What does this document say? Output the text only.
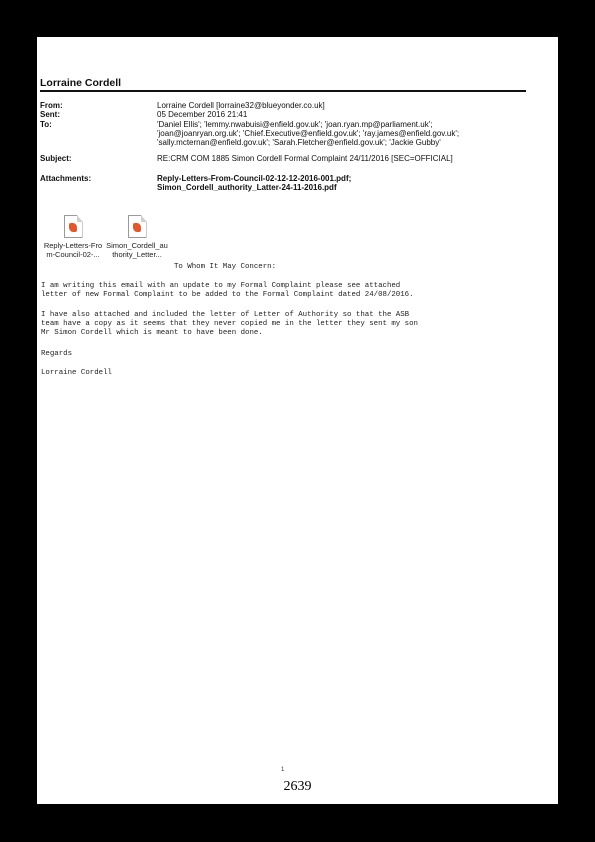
Lorraine Cordell
From:	Lorraine Cordell [lorraine32@blueyonder.co.uk]
Sent:	05 December 2016 21:41
To:	'Daniel Ellis'; 'lemmy.nwabuisi@enfield.gov.uk'; 'joan.ryan.mp@parliament.uk';
'joan@joanryan.org.uk'; 'Chief.Executive@enfield.gov.uk'; 'ray.james@enfield.gov.uk';
'sally.mcternan@enfield.gov.uk'; 'Sarah.Fletcher@enfield.gov.uk'; 'Jackie Gubby'
Subject:	RE:CRM COM 1885 Simon Cordell Formal Complaint 24/11/2016 [SEC=OFFICIAL]
Attachments:	Reply-Letters-From-Council-02-12-12-2016-001.pdf;
Simon_Cordell_authority_Latter-24-11-2016.pdf
Reply-Letters-Fro
m-Council-02-...
Simon_Cordell_au
thority_Letter...
To Whom It May Concern:
I am writing this email with an update to my Formal Complaint please see attached
letter of new Formal Complaint to be added to the Formal Complaint dated 24/08/2016.
I have also attached and included the letter of Letter of Authority so that the ASB
team have a copy as it seems that they never copied me in the letter they sent my son
Mr Simon Cordell which is meant to have been done.
Regards
Lorraine Cordell
1
2639
